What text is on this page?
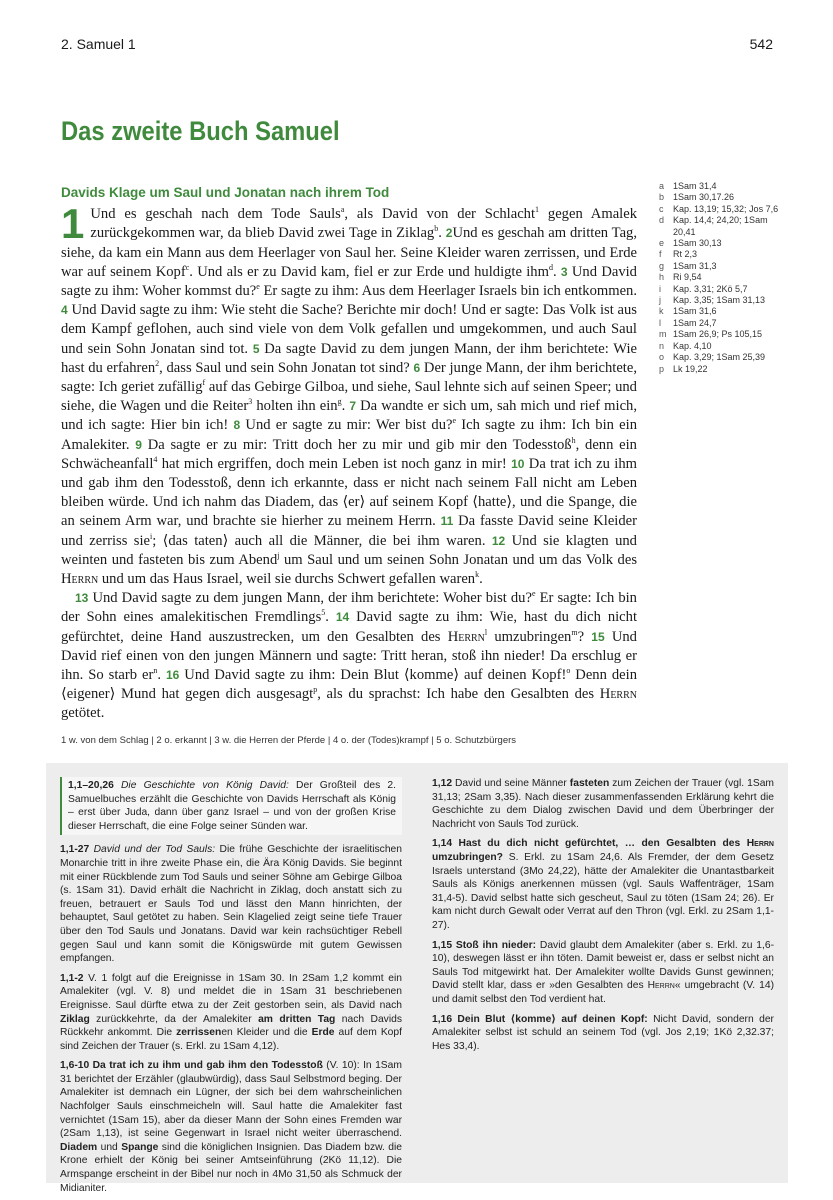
2. Samuel 1	542
Das zweite Buch Samuel
Davids Klage um Saul und Jonatan nach ihrem Tod

1 Und es geschah nach dem Tode Sauls$^a$, als David von der Schlacht$^1$ gegen Amalek zurückgekommen war, da blieb David zwei Tage in Ziklag$^b$. 2Und es geschah am dritten Tag, siehe, da kam ein Mann aus dem Heerlager von Saul her. Seine Kleider waren zerrissen, und Erde war auf seinem Kopf$^c$. Und als er zu David kam, fiel er zur Erde und huldigte ihm$^d$. 3 Und David sagte zu ihm: Woher kommst du?$^e$ Er sagte zu ihm: Aus dem Heerlager Israels bin ich entkommen. 4 Und David sagte zu ihm: Wie steht die Sache? Berichte mir doch! Und er sagte: Das Volk ist aus dem Kampf geflohen, auch sind viele von dem Volk gefallen und umgekommen, und auch Saul und sein Sohn Jonatan sind tot. 5 Da sagte David zu dem jungen Mann, der ihm berichtete: Wie hast du erfahren$^2$, dass Saul und sein Sohn Jonatan tot sind? 6 Der junge Mann, der ihm berichtete, sagte: Ich geriet zufällig$^f$ auf das Gebirge Gilboa, und siehe, Saul lehnte sich auf seinen Speer; und siehe, die Wagen und die Reiter$^3$ holten ihn ein$^g$. 7 Da wandte er sich um, sah mich und rief mich, und ich sagte: Hier bin ich! 8 Und er sagte zu mir: Wer bist du?$^e$ Ich sagte zu ihm: Ich bin ein Amalekiter. 9 Da sagte er zu mir: Tritt doch her zu mir und gib mir den Todesstoß$^h$, denn ein Schwächeanfall$^4$ hat mich ergriffen, doch mein Leben ist noch ganz in mir! 10 Da trat ich zu ihm und gab ihm den Todesstoß, denn ich erkannte, dass er nicht nach seinem Fall nicht am Leben bleiben würde. Und ich nahm das Diadem, das ⟨er⟩ auf seinem Kopf ⟨hatte⟩, und die Spange, die an seinem Arm war, und brachte sie hierher zu meinem Herrn. 11 Da fasste David seine Kleider und zerriss sie$^i$; ⟨das taten⟩ auch all die Männer, die bei ihm waren. 12 Und sie klagten und weinten und fasteten bis zum Abend$^j$ um Saul und um seinen Sohn Jonatan und um das Volk des Herrn und um das Haus Israel, weil sie durchs Schwert gefallen waren$^k$.

13 Und David sagte zu dem jungen Mann, der ihm berichtete: Woher bist du?$^e$ Er sagte: Ich bin der Sohn eines amalekitischen Fremdlings$^5$. 14 David sagte zu ihm: Wie, hast du dich nicht gefürchtet, deine Hand auszustrecken, um den Gesalbten des Herrn$^l$ umzubringen$^m$? 15 Und David rief einen von den jungen Männern und sagte: Tritt heran, stoß ihn nieder! Da erschlug er ihn. So starb $er^n$. 16 Und David sagte zu ihm: Dein Blut ⟨komme⟩ auf deinen Kopf!$^o$ Denn dein ⟨eigener⟩ Mund hat gegen dich ausgesagt$^p$, als du sprachst: Ich habe den Gesalbten des Herrn getötet.

a 1Sam 31,4
b 1Sam 30,17.26
c	Kap. 13,19; 15,32; Jos 7,6
d Kap. 14,4; 24,20; 1Sam 20,41
e 1Sam 30,13
f	Rt 2,3
g 1Sam 31,3
h Ri 9,54
i	Kap. 3,31; 2Kö 5,7
j	Kap. 3,35; 1Sam 31,13
k	1Sam 31,6
l	1Sam 24,7
m 1Sam 26,9; Ps 105,15
n Kap. 4,10
o Kap. 3,29; 1Sam 25,39
p Lk 19,22
1 w. von dem Schlag | 2 o. erkannt | 3 w. die Herren der Pferde | 4 o. der (Todes)krampf | 5 o. Schutzbürgers
1,1–20,26 Die Geschichte von König David: Der Großteil des 2. Samuelbuches erzählt die Geschichte von Davids Herrschaft als König – erst über Juda, dann über ganz Israel – und von der großen Krise dieser Herrschaft, die eine Folge seiner Sünden war.

1,1-27 David und der Tod Sauls: Die frühe Geschichte der israelitischen Monarchie tritt in ihre zweite Phase ein, die Ära König Davids. Sie beginnt mit einer Rückblende zum Tod Sauls und seiner Söhne am Gebirge Gilboa (s. 1Sam 31). David erhält die Nachricht in Ziklag, doch anstatt sich zu freuen, betrauert er Sauls Tod und lässt den Mann hinrichten, der behauptet, Saul getötet zu haben. Sein Klagelied zeigt seine tiefe Trauer über den Tod Sauls und Jonatans. David war kein rachsüchtiger Rebell gegen Saul und kann somit die Königswürde mit gutem Gewissen empfangen.

1,1-2 V. 1 folgt auf die Ereignisse in 1Sam 30. In 2Sam 1,2 kommt ein Amalekiter (vgl. V. 8) und meldet die in 1Sam 31 beschriebenen Ereignisse. Saul dürfte etwa zu der Zeit gestorben sein, als David nach Ziklag zurückkehrte, da der Amalekiter am dritten Tag nach Davids Rückkehr ankommt. Die zerrissenen Kleider und die Erde auf dem Kopf sind Zeichen der Trauer (s. Erkl. zu 1Sam 4,12).

1,6-10 Da trat ich zu ihm und gab ihm den Todesstoß (V. 10): In 1Sam 31 berichtet der Erzähler (glaubwürdig), dass Saul Selbstmord beging. Der Amalekiter ist demnach ein Lügner, der sich bei dem wahrscheinlichen Nachfolger Sauls einschmeicheln will. Saul hatte die Amalekiter fast vernichtet (1Sam 15), aber da dieser Mann der Sohn eines Fremden war (2Sam 1,13), ist seine Gegenwart in Israel nicht weiter überraschend. Diadem und Spange sind die königlichen Insignien. Das Diadem bzw. die Krone erhielt der König bei seiner Amtseinführung (2Kö 11,12). Die Armspange erscheint in der Bibel nur noch in 4Mo 31,50 als Schmuck der Midianiter.

1,12 David und seine Männer fasteten zum Zeichen der Trauer (vgl. 1Sam 31,13; 2Sam 3,35). Nach dieser zusammenfassenden Erklärung kehrt die Geschichte zu dem Dialog zwischen David und dem Überbringer der Nachricht von Sauls Tod zurück.

1,14 Hast du dich nicht gefürchtet, … den Gesalbten des Herrn umzubringen? S. Erkl. zu 1Sam 24,6. Als Fremder, der dem Gesetz Israels unterstand (3Mo 24,22), hätte der Amalekiter die Unantastbarkeit Sauls als Königs anerkennen müssen (vgl. Sauls Waffenträger, 1Sam 31,4-5). David selbst hatte sich gescheut, Saul zu töten (1Sam 24; 26). Er kam nicht durch Gewalt oder Verrat auf den Thron (vgl. Erkl. zu 2Sam 1,1-27).

1,15 Stoß ihn nieder: David glaubt dem Amalekiter (aber s. Erkl. zu 1,6-10), deswegen lässt er ihn töten. Damit beweist er, dass er selbst nicht an Sauls Tod mitgewirkt hat. Der Amalekiter wollte Davids Gunst gewinnen; David stellt klar, dass er »den Gesalbten des Herrn« umgebracht (V. 14) und damit selbst den Tod verdient hat.

1,16 Dein Blut ⟨komme⟩ auf deinen Kopf: Nicht David, sondern der Amalekiter selbst ist schuld an seinem Tod (vgl. Jos 2,19; 1Kö 2,32.37; Hes 33,4).
